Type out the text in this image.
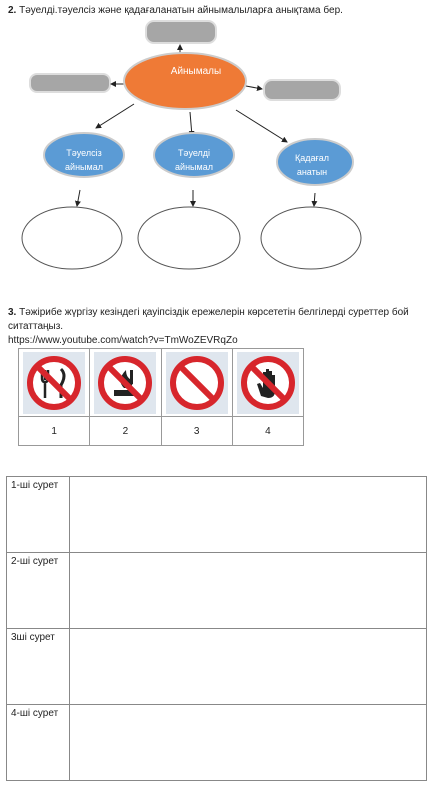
2. Тәуелді.тәуелсіз және қадағаланатын айнымалыларға анықтама бер.
Айнымалы
Тәуелсіз
айнымал
Тәуелді
айнымал
Қадағал
анатын
3. Тәжірибе жүргізу кезіндегі қауіпсіздік ережелерін көрсететін белгілерді суреттер бой
ситаттаңыз.
https://www.youtube.com/watch?v=TmWoZEVRqZo

1	2	3	4
1-ші сурет	
2-ші сурет	
3ші сурет	
4-ші сурет	
